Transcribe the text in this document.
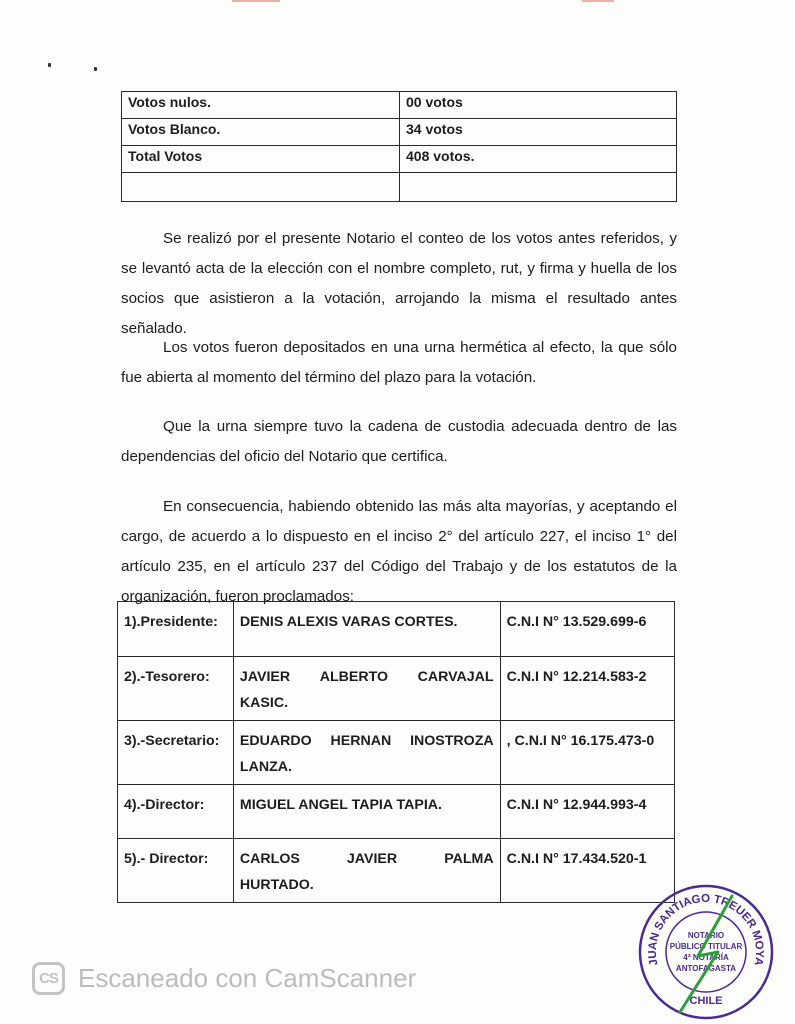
Votos nulos.	00 votos
Votos Blanco.	34 votos
Total Votos	408 votos.

Se realizó por el presente Notario el conteo de los votos antes referidos, y se levantó acta de la elección con el nombre completo, rut, y firma y huella de los socios que asistieron a la votación, arrojando la misma el resultado antes señalado.

Los votos fueron depositados en una urna hermética al efecto, la que sólo fue abierta al momento del término del plazo para la votación.

Que la urna siempre tuvo la cadena de custodia adecuada dentro de las dependencias del oficio del Notario que certifica.

En consecuencia, habiendo obtenido las más alta mayorías, y aceptando el cargo, de acuerdo a lo dispuesto en el inciso 2° del artículo 227, el inciso 1° del artículo 235, en el artículo 237 del Código del Trabajo y de los estatutos de la organización, fueron proclamados:

1).Presidente:	DENIS ALEXIS VARAS CORTES.	C.N.I N° 13.529.699-6
2).-Tesorero:	JAVIER ALBERTO CARVAJAL
KASIC.	C.N.I N° 12.214.583-2
3).-Secretario:	EDUARDO HERNAN INOSTROZA
LANZA.	, C.N.I N° 16.175.473-0
4).-Director:	MIGUEL ANGEL TAPIA TAPIA.	C.N.I N° 12.944.993-4
5).- Director:	CARLOS JAVIER PALMA
HURTADO.	C.N.I N° 17.434.520-1
CS Escaneado con CamScanner
JUAN SANTIAGO TREUER MOYA
NOTARIO
PÚBLICO TITULAR
4ª NOTARÍA
ANTOFAGASTA
CHILE
